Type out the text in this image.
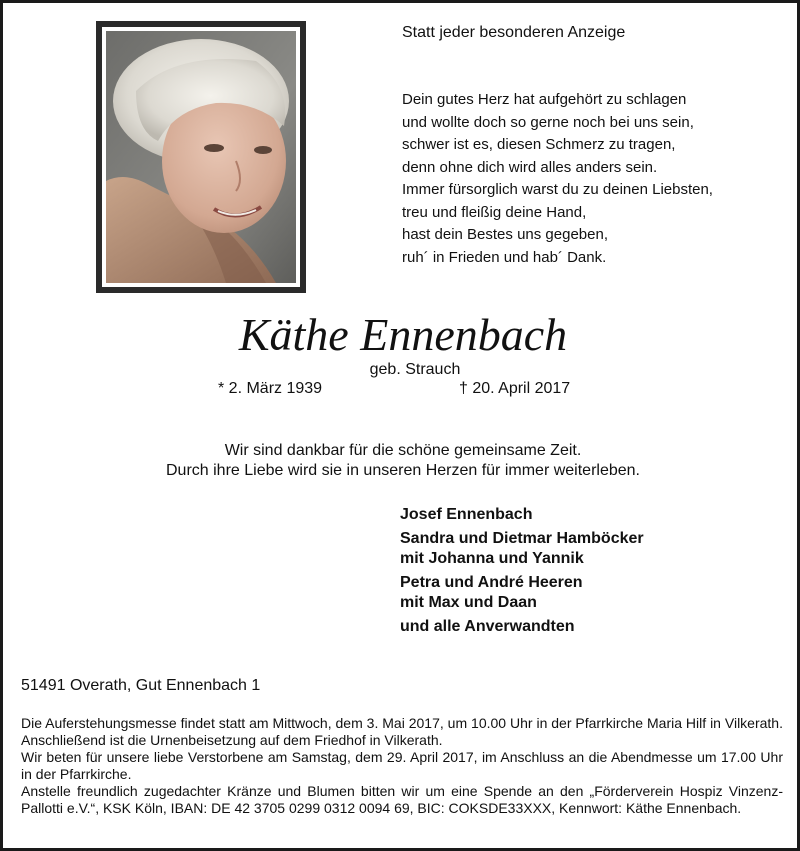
Statt jeder besonderen Anzeige
Dein gutes Herz hat aufgehört zu schlagen
und wollte doch so gerne noch bei uns sein,
schwer ist es, diesen Schmerz zu tragen,
denn ohne dich wird alles anders sein.
Immer fürsorglich warst du zu deinen Liebsten,
treu und fleißig deine Hand,
hast dein Bestes uns gegeben,
ruh´ in Frieden und hab´ Dank.
Käthe Ennenbach
geb. Strauch
* 2. März 1939	† 20. April 2017
Wir sind dankbar für die schöne gemeinsame Zeit.
Durch ihre Liebe wird sie in unseren Herzen für immer weiterleben.
Josef Ennenbach
Sandra und Dietmar Hamböcker
mit Johanna und Yannik
Petra und André Heeren
mit Max und Daan
und alle Anverwandten
51491 Overath, Gut Ennenbach 1

Die Auferstehungsmesse findet statt am Mittwoch, dem 3. Mai 2017, um 10.00 Uhr in der Pfarrkirche Maria Hilf in Vilkerath. Anschließend ist die Urnenbeisetzung auf dem Friedhof in Vilkerath.

Wir beten für unsere liebe Verstorbene am Samstag, dem 29. April 2017, im Anschluss an die Abendmesse um 17.00 Uhr in der Pfarrkirche.

Anstelle freundlich zugedachter Kränze und Blumen bitten wir um eine Spende an den „Förderverein Hospiz Vinzenz-Pallotti e.V.“, KSK Köln, IBAN: DE 42 3705 0299 0312 0094 69, BIC: COKSDE33XXX, Kennwort: Käthe Ennenbach.
